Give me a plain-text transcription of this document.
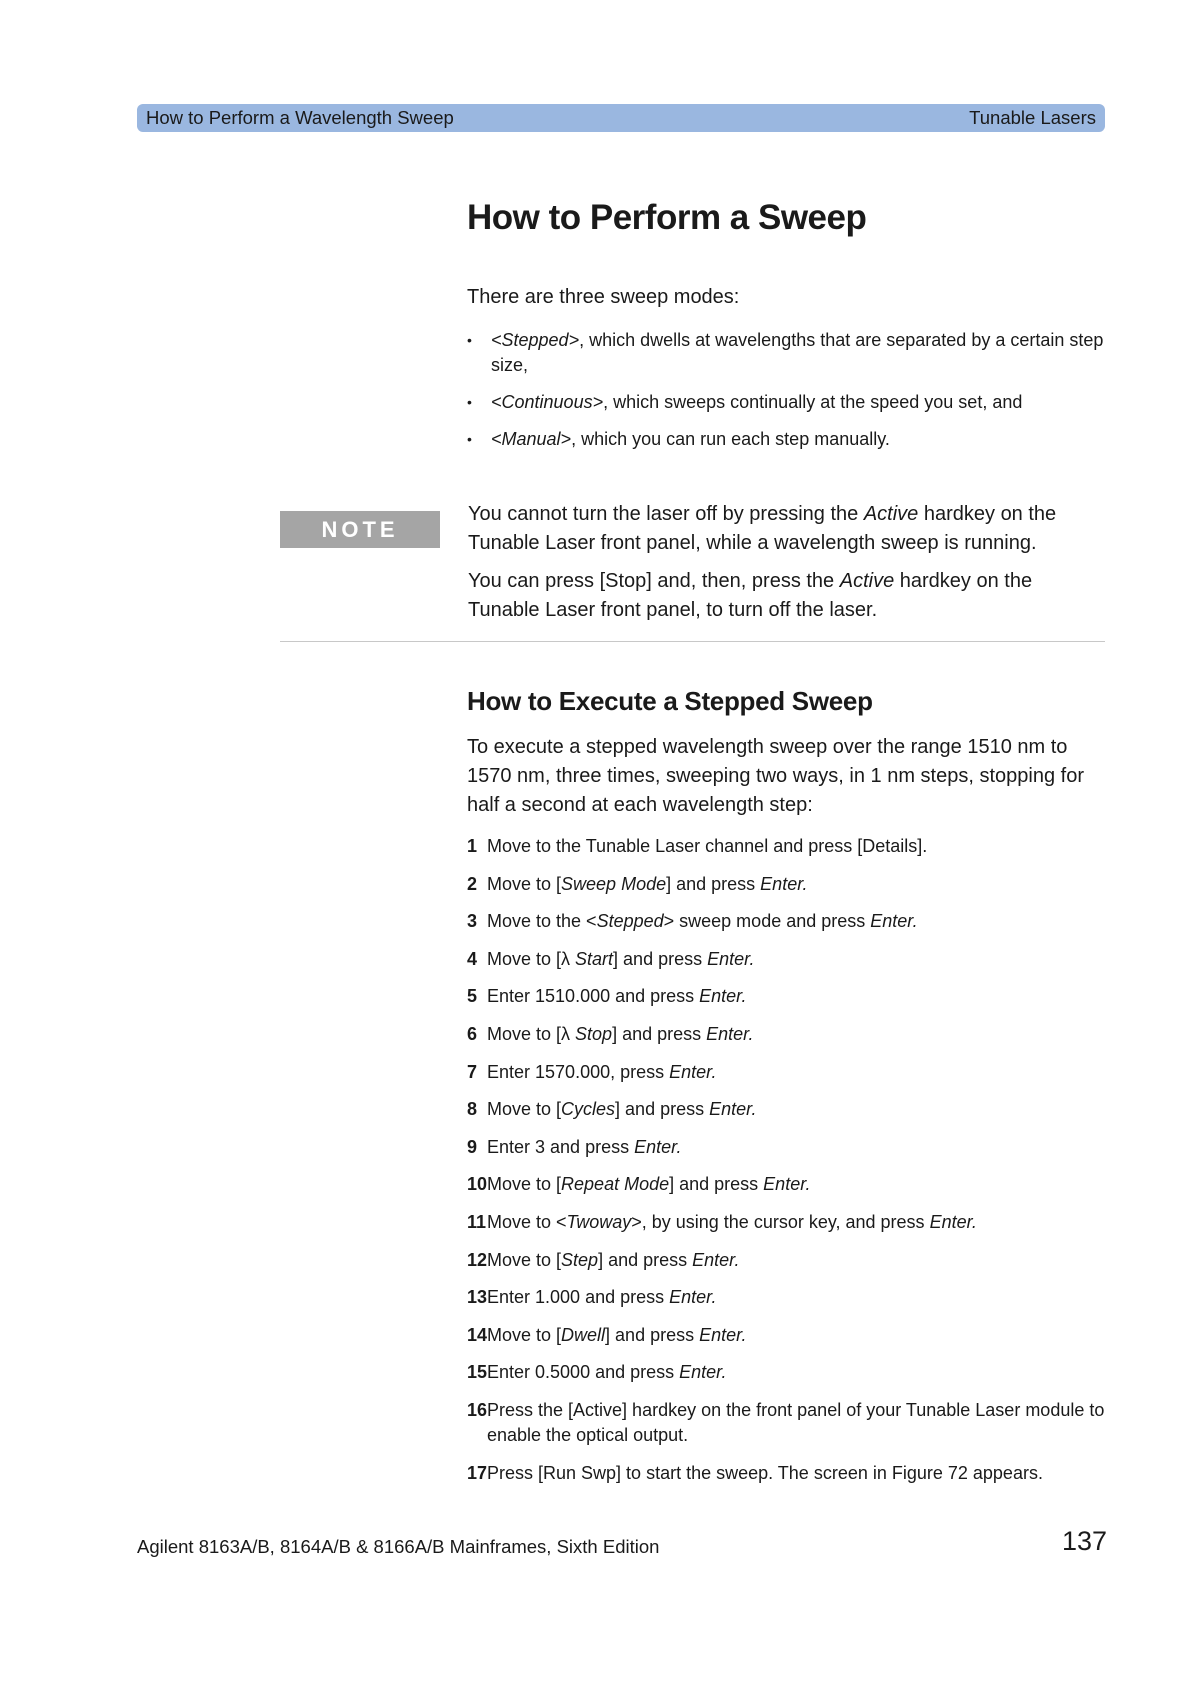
How to Perform a Wavelength Sweep	Tunable Lasers
How to Perform a Sweep

There are three sweep modes:

• <Stepped>, which dwells at wavelengths that are separated by a certain step size,
• <Continuous>, which sweeps continually at the speed you set, and
• <Manual>, which you can run each step manually.
NOTE

You cannot turn the laser off by pressing the Active hardkey on the Tunable Laser front panel, while a wavelength sweep is running.

You can press [Stop] and, then, press the Active hardkey on the Tunable Laser front panel, to turn off the laser.

How to Execute a Stepped Sweep

To execute a stepped wavelength sweep over the range 1510 nm to 1570 nm, three times, sweeping two ways, in 1 nm steps, stopping for half a second at each wavelength step:

1 Move to the Tunable Laser channel and press [Details].
2 Move to [Sweep Mode] and press Enter.
3 Move to the <Stepped> sweep mode and press Enter.
4 Move to [λ Start] and press Enter.
5 Enter 1510.000 and press Enter.
6 Move to [λ Stop] and press Enter.
7 Enter 1570.000, press Enter.
8 Move to [Cycles] and press Enter.
9 Enter 3 and press Enter.
10 Move to [Repeat Mode] and press Enter.
11 Move to <Twoway>, by using the cursor key, and press Enter.
12 Move to [Step] and press Enter.
13 Enter 1.000 and press Enter.
14 Move to [Dwell] and press Enter.
15 Enter 0.5000 and press Enter.
16 Press the [Active] hardkey on the front panel of your Tunable Laser module to enable the optical output.
17 Press [Run Swp] to start the sweep. The screen in Figure 72 appears.
Agilent 8163A/B, 8164A/B & 8166A/B Mainframes, Sixth Edition	137
